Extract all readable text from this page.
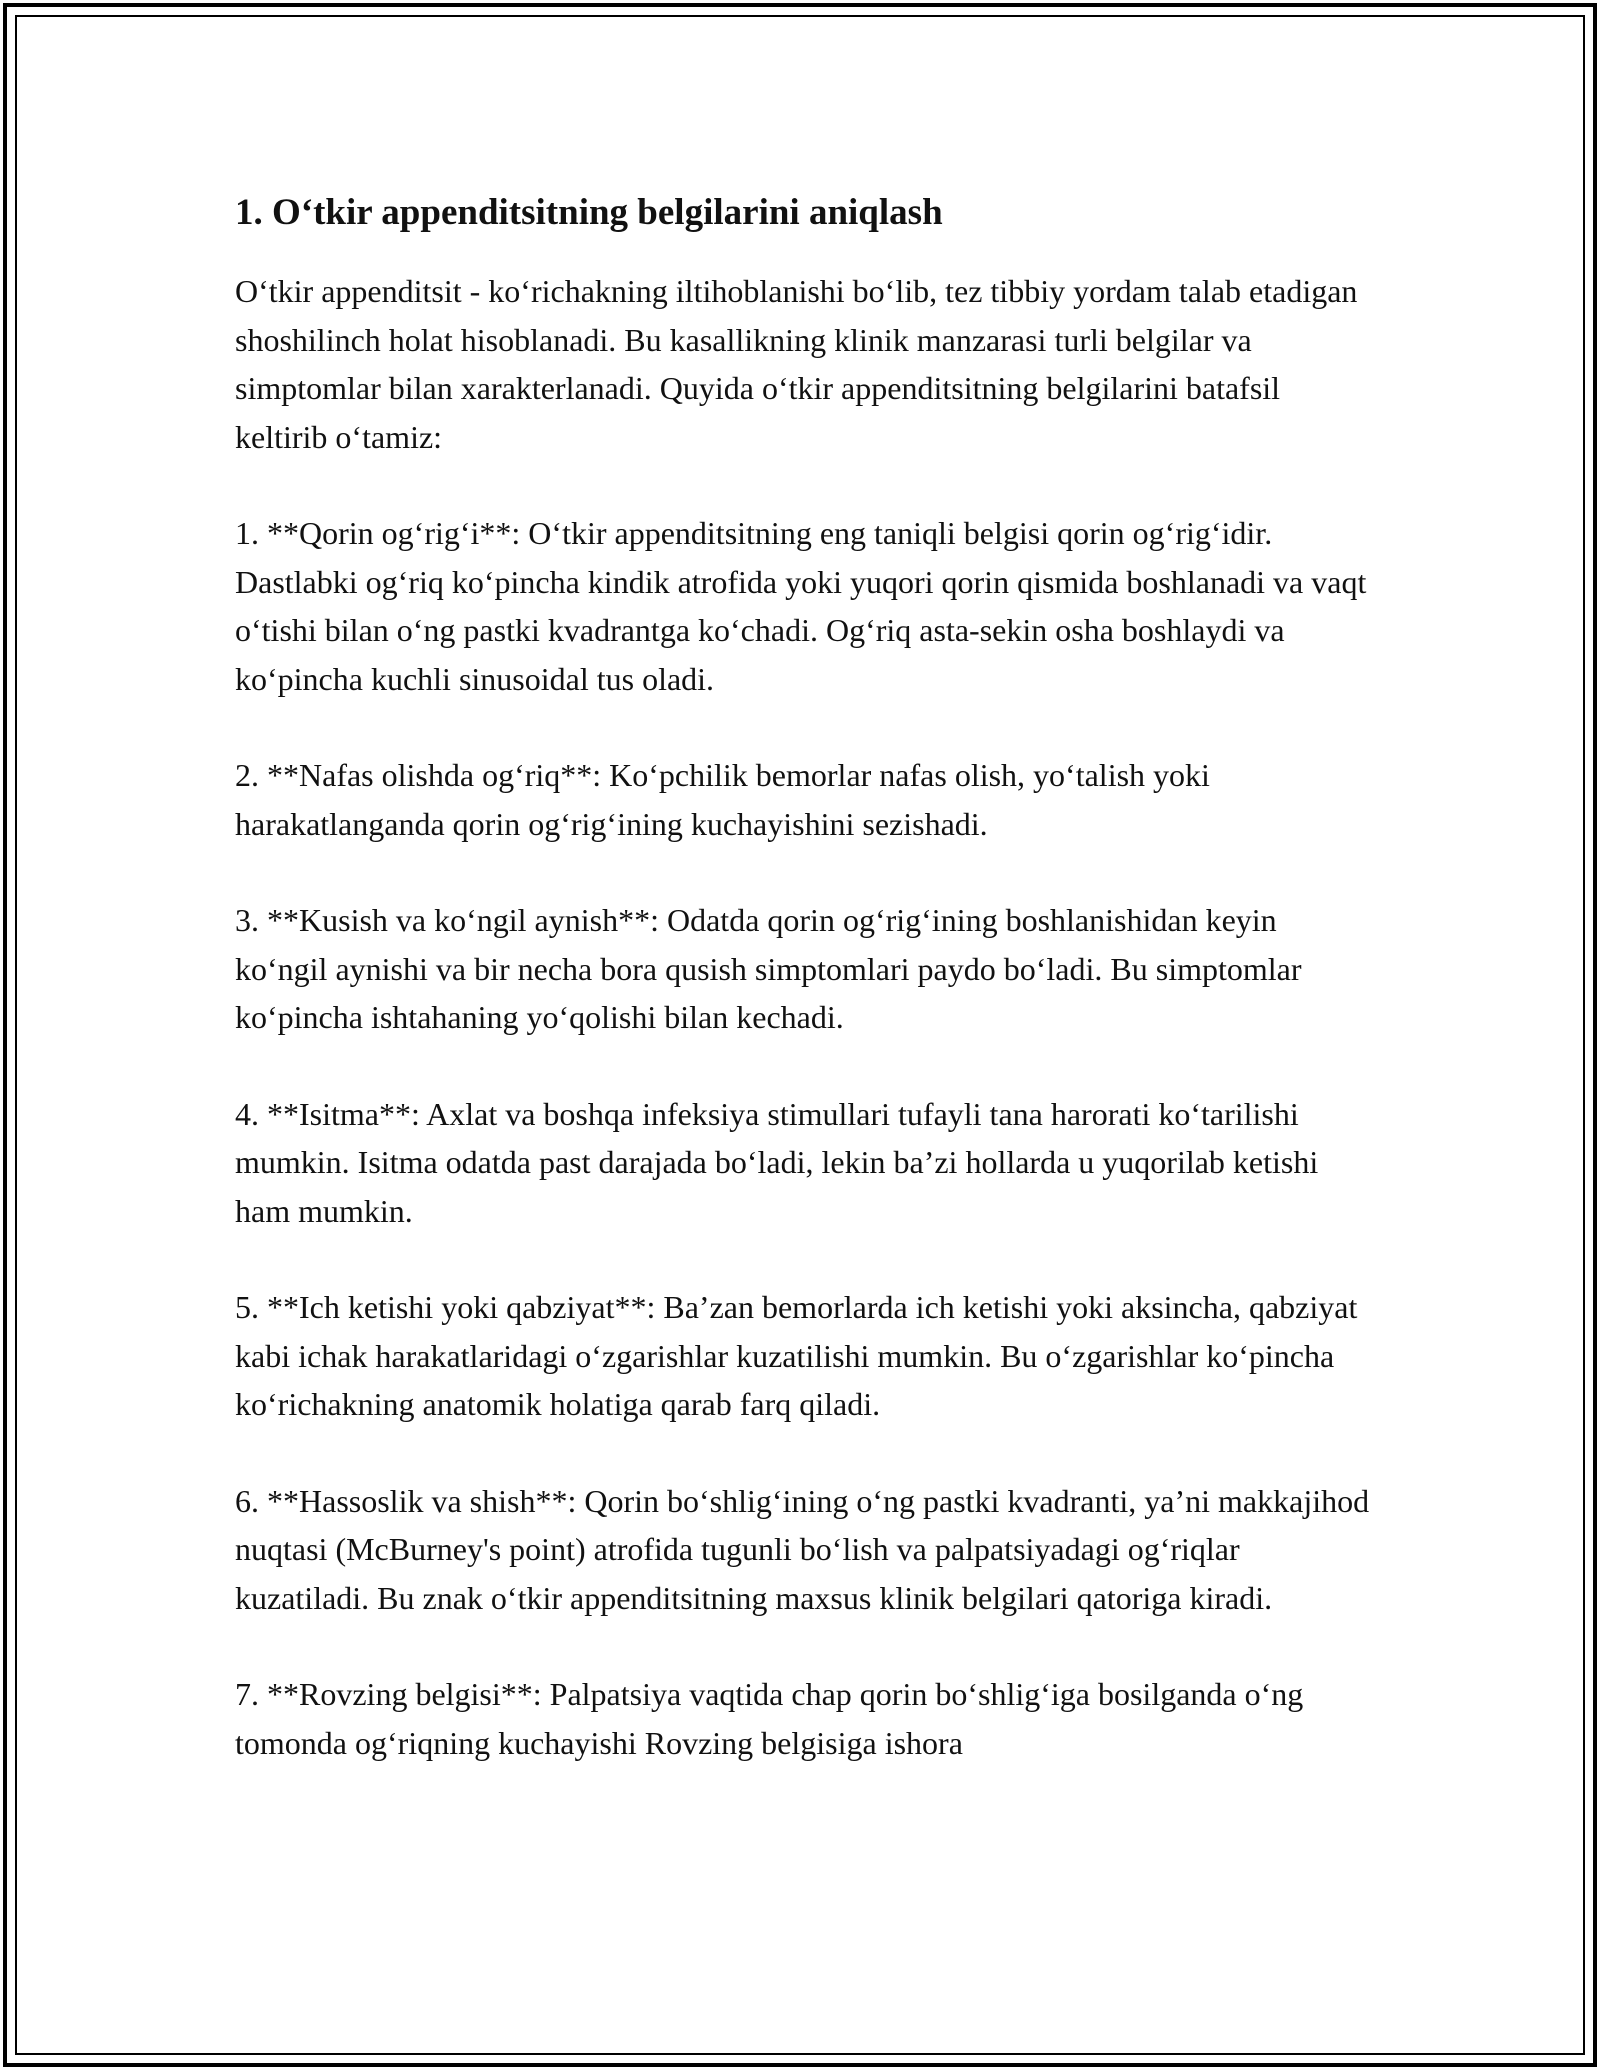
1. O‘tkir appenditsitning belgilarini aniqlash

O‘tkir appenditsit - ko‘richakning iltihoblanishi bo‘lib, tez tibbiy yordam talab etadigan shoshilinch holat hisoblanadi. Bu kasallikning klinik manzarasi turli belgilar va simptomlar bilan xarakterlanadi. Quyida o‘tkir appenditsitning belgilarini batafsil keltirib o‘tamiz:

1. **Qorin og‘rig‘i**: O‘tkir appenditsitning eng taniqli belgisi qorin og‘rig‘idir. Dastlabki og‘riq ko‘pincha kindik atrofida yoki yuqori qorin qismida boshlanadi va vaqt o‘tishi bilan o‘ng pastki kvadrantga ko‘chadi. Og‘riq asta-sekin osha boshlaydi va ko‘pincha kuchli sinusoidal tus oladi.

2. **Nafas olishda og‘riq**: Ko‘pchilik bemorlar nafas olish, yo‘talish yoki harakatlanganda qorin og‘rig‘ining kuchayishini sezishadi.

3. **Kusish va ko‘ngil aynish**: Odatda qorin og‘rig‘ining boshlanishidan keyin ko‘ngil aynishi va bir necha bora qusish simptomlari paydo bo‘ladi. Bu simptomlar ko‘pincha ishtahaning yo‘qolishi bilan kechadi.

4. **Isitma**: Axlat va boshqa infeksiya stimullari tufayli tana harorati ko‘tarilishi mumkin. Isitma odatda past darajada bo‘ladi, lekin ba’zi hollarda u yuqorilab ketishi ham mumkin.

5. **Ich ketishi yoki qabziyat**: Ba’zan bemorlarda ich ketishi yoki aksincha, qabziyat kabi ichak harakatlaridagi o‘zgarishlar kuzatilishi mumkin. Bu o‘zgarishlar ko‘pincha ko‘richakning anatomik holatiga qarab farq qiladi.

6. **Hassoslik va shish**: Qorin bo‘shlig‘ining o‘ng pastki kvadranti, ya’ni makkajihod nuqtasi (McBurney's point) atrofida tugunli bo‘lish va palpatsiyadagi og‘riqlar kuzatiladi. Bu znak o‘tkir appenditsitning maxsus klinik belgilari qatoriga kiradi.

7. **Rovzing belgisi**: Palpatsiya vaqtida chap qorin bo‘shlig‘iga bosilganda o‘ng tomonda og‘riqning kuchayishi Rovzing belgisiga ishora
